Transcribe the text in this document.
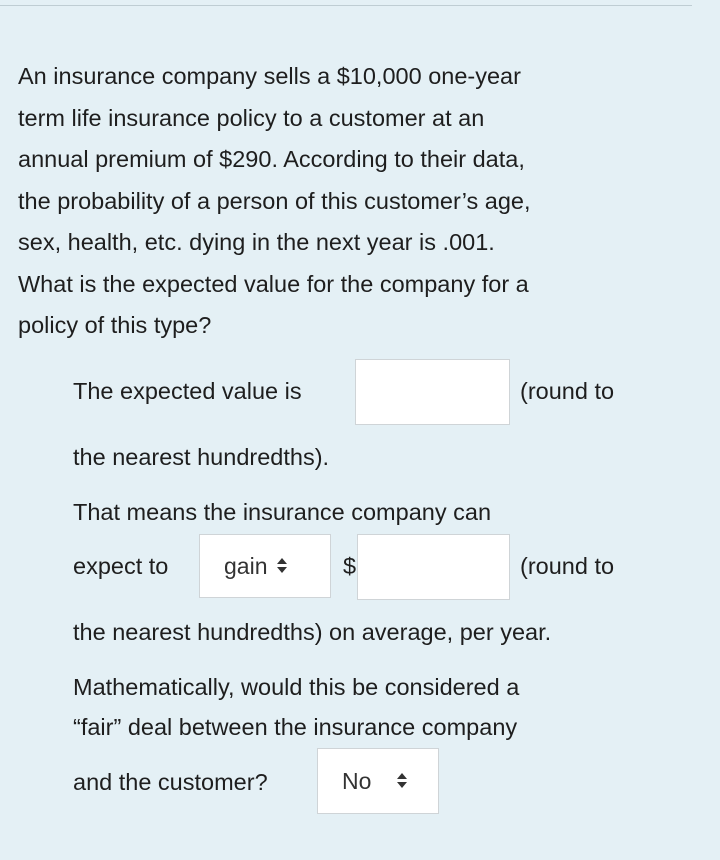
An insurance company sells a $10,000 one-year
term life insurance policy to a customer at an
annual premium of $290. According to their data,
the probability of a person of this customer’s age,
sex, health, etc. dying in the next year is .001.
What is the expected value for the company for a
policy of this type?
The expected value is	(round to
the nearest hundredths).
That means the insurance company can
expect to gain	$	(round to
the nearest hundredths) on average, per year.
Mathematically, would this be considered a
“fair” deal between the insurance company
and the customer?	No
